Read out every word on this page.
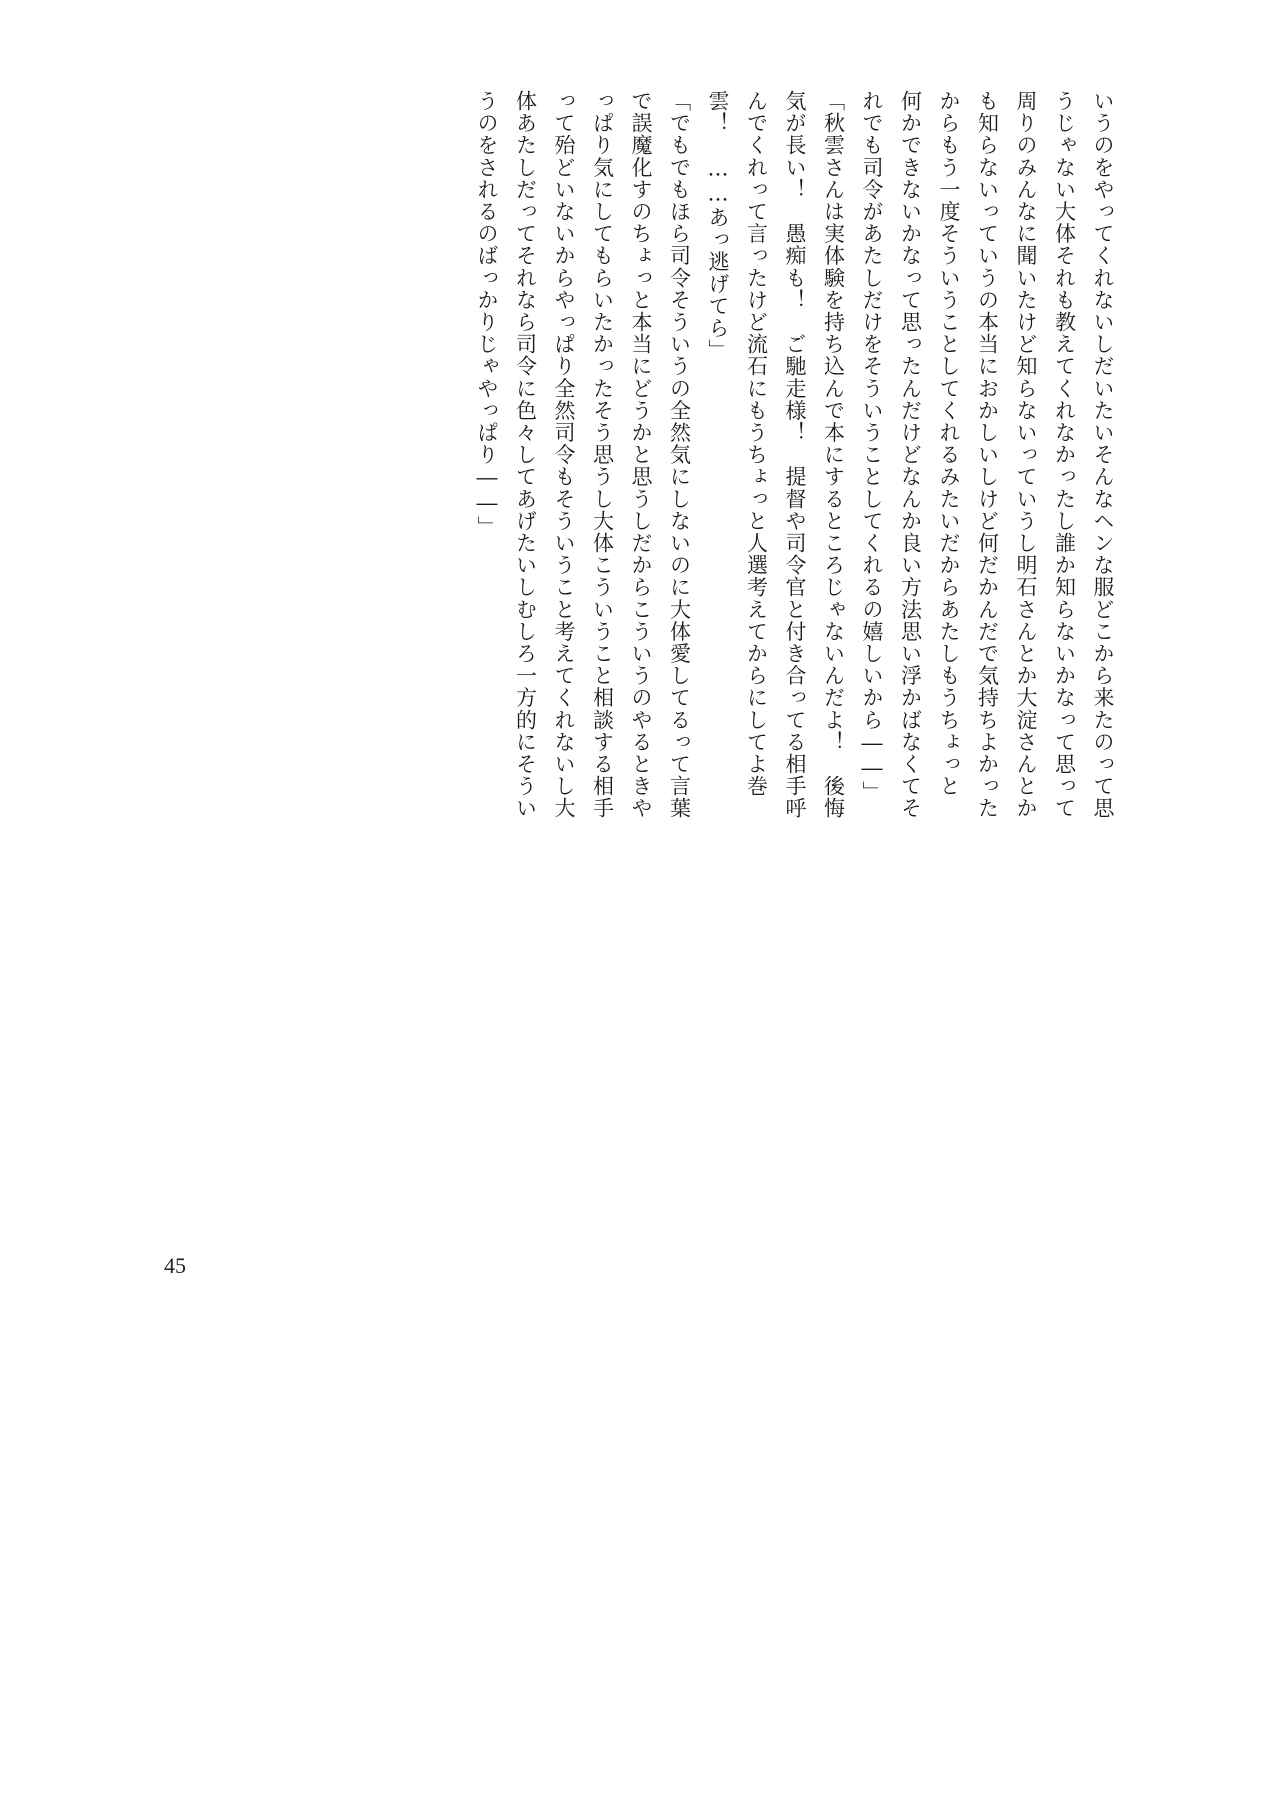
いうのをやってくれないしだいたいそんなヘンな服どこから来たのって思
うじゃない大体それも教えてくれなかったし誰か知らないかなって思って
周りのみんなに聞いたけど知らないっていうし明石さんとか大淀さんとか
も知らないっていうの本当におかしいしけど何だかんだで気持ちよかった
からもう一度そういうことしてくれるみたいだからあたしもうちょっと
何かできないかなって思ったんだけどなんか良い方法思い浮かばなくてそ
れでも司令があたしだけをそういうことしてくれるの嬉しいから――」
「秋雲さんは実体験を持ち込んで本にするところじゃないんだよ！　後悔
気が長い！　愚痴も！　ご馳走様！　提督や司令官と付き合ってる相手呼
んでくれって言ったけど流石にもうちょっと人選考えてからにしてよ巻
雲！　……あっ逃げてら」
「でもでもほら司令そういうの全然気にしないのに大体愛してるって言葉
で誤魔化すのちょっと本当にどうかと思うしだからこういうのやるときや
っぱり気にしてもらいたかったそう思うし大体こういうこと相談する相手
って殆どいないからやっぱり全然司令もそういうこと考えてくれないし大
体あたしだってそれなら司令に色々してあげたいしむしろ一方的にそうい
うのをされるのばっかりじゃやっぱり――」
45
